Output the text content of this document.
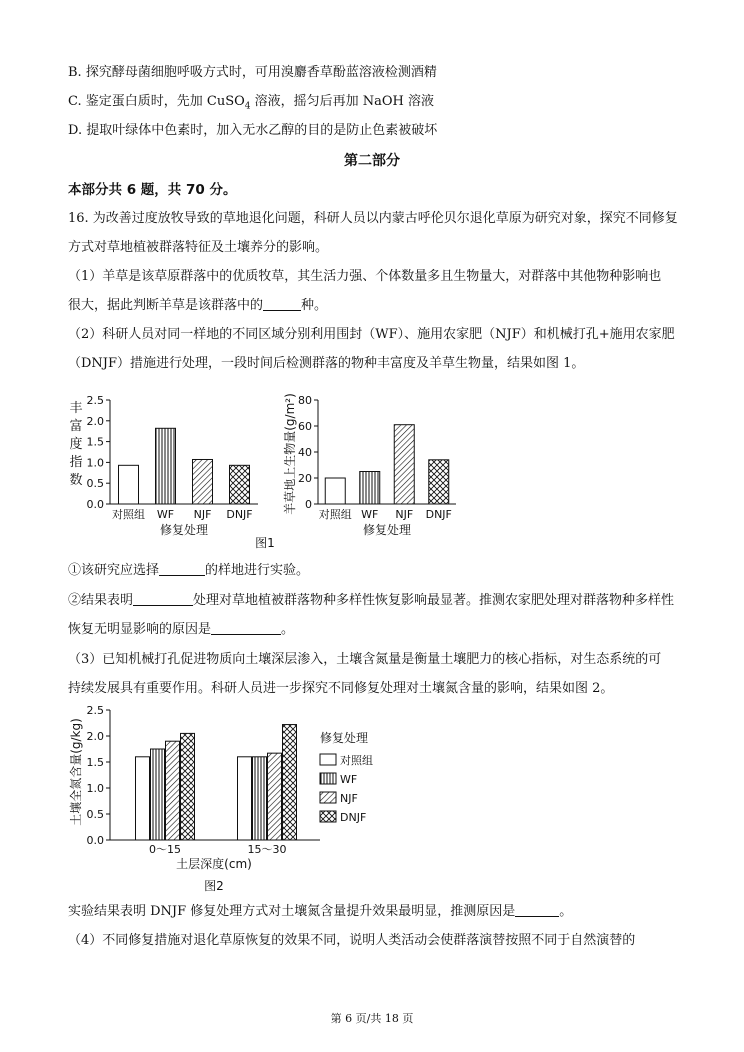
B. 探究酵母菌细胞呼吸方式时，可用溴麝香草酚蓝溶液检测酒精
C. 鉴定蛋白质时，先加 CuSO$_4$ 溶液，摇匀后再加 NaOH 溶液
D. 提取叶绿体中色素时，加入无水乙醇的目的是防止色素被破坏
第二部分
本部分共 6 题，共 70 分。
16. 为改善过度放牧导致的草地退化问题，科研人员以内蒙古呼伦贝尔退化草原为研究对象，探究不同修复
方式对草地植被群落特征及土壤养分的影响。
（1）羊草是该草原群落中的优质牧草，其生活力强、个体数量多且生物量大，对群落中其他物种影响也
很大，据此判断羊草是该群落中的	种。
（2）科研人员对同一样地的不同区域分别利用围封（WF）、施用农家肥（NJF）和机械打孔+施用农家肥
（DNJF）措施进行处理，一段时间后检测群落的物种丰富度及羊草生物量，结果如图 1。
0.0
0.5
1.0
1.5
2.0
2.5
对照组 WF NJF DNJF
修复处理
丰
富
度
指
数
0
20
40
60
80
对照组 WF NJF DNJF
修复处理
羊草地上生物量(g/m²)
图1
①该研究应选择	的样地进行实验。
②结果表明	处理对草地植被群落物种多样性恢复影响最显著。推测农家肥处理对群落物种多样性
恢复无明显影响的原因是	。
（3）已知机械打孔促进物质向土壤深层渗入，土壤含氮量是衡量土壤肥力的核心指标，对生态系统的可
持续发展具有重要作用。科研人员进一步探究不同修复处理对土壤氮含量的影响，结果如图 2。
0.0
0.5
1.0
1.5
2.0
2.5
0～15	15～30
土层深度(cm)
土壤全氮含量(g/kg)	修复处理
对照组
WF
NJF
DNJF
图2
实验结果表明 DNJF 修复处理方式对土壤氮含量提升效果最明显，推测原因是	。
（4）不同修复措施对退化草原恢复的效果不同，说明人类活动会使群落演替按照不同于自然演替的
第 6 页/共 18 页
